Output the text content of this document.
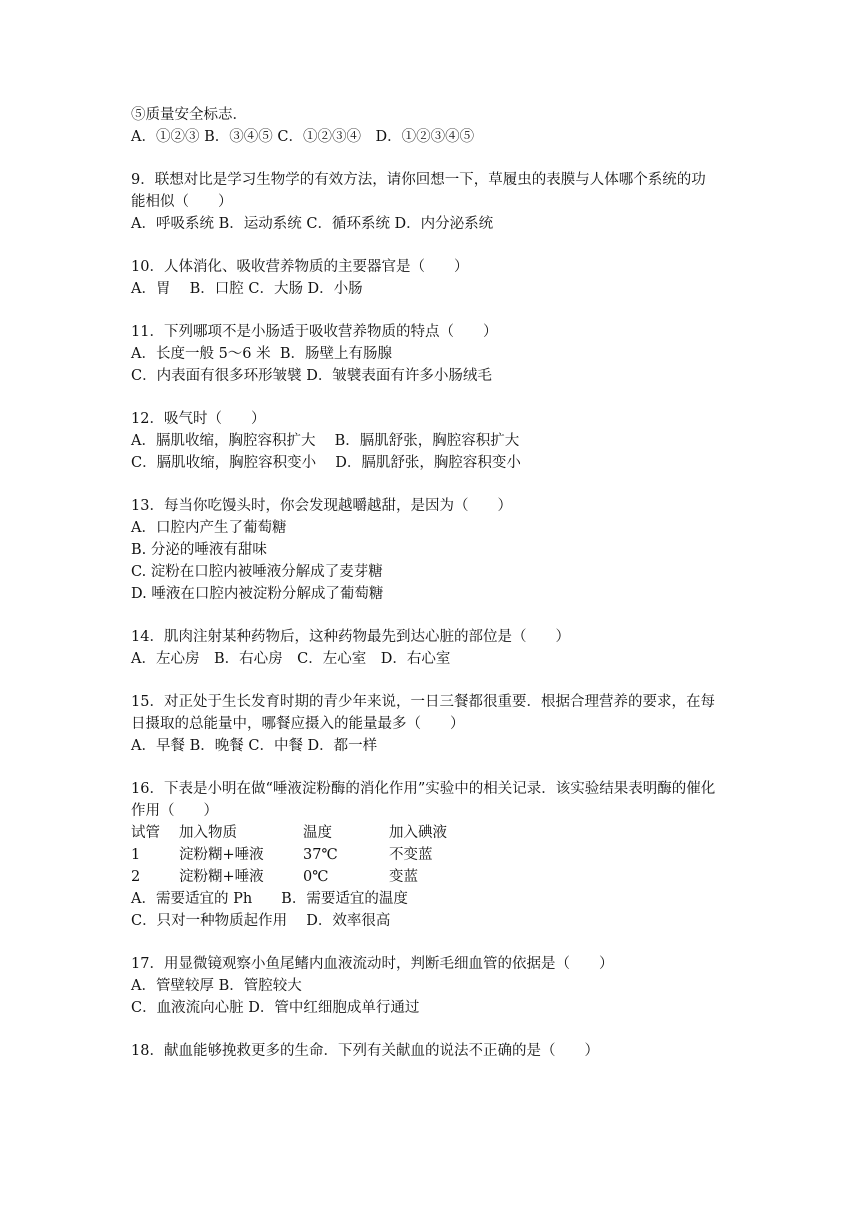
⑤质量安全标志．
A．①②③ B．③④⑤ C．①②③④　D．①②③④⑤
9．联想对比是学习生物学的有效方法，请你回想一下，草履虫的表膜与人体哪个系统的功
能相似（　　）
A．呼吸系统 B．运动系统 C．循环系统 D．内分泌系统
10．人体消化、吸收营养物质的主要器官是（　　）
A．胃　 B．口腔 C．大肠 D．小肠
11．下列哪项不是小肠适于吸收营养物质的特点（　　）
A．长度一般 5～6 米  B．肠壁上有肠腺
C．内表面有很多环形皱襞 D．皱襞表面有许多小肠绒毛
12．吸气时（　　）
A．膈肌收缩，胸腔容积扩大　 B．膈肌舒张，胸腔容积扩大
C．膈肌收缩，胸腔容积变小　 D．膈肌舒张，胸腔容积变小
13．每当你吃馒头时，你会发现越嚼越甜，是因为（　　）
A．口腔内产生了葡萄糖
B. 分泌的唾液有甜味
C. 淀粉在口腔内被唾液分解成了麦芽糖
D. 唾液在口腔内被淀粉分解成了葡萄糖
14．肌肉注射某种药物后，这种药物最先到达心脏的部位是（　　）
A．左心房　B．右心房　C．左心室　D．右心室
15．对正处于生长发育时期的青少年来说，一日三餐都很重要．根据合理营养的要求，在每
日摄取的总能量中，哪餐应摄入的能量最多（　　）
A．早餐 B．晚餐 C．中餐 D．都一样
16．下表是小明在做“唾液淀粉酶的消化作用”实验中的相关记录．该实验结果表明酶的催化
作用（　　）
试管	加入物质	温度	加入碘液
1	淀粉糊+唾液	37℃	不变蓝
2	淀粉糊+唾液	0℃	变蓝
A．需要适宜的 Ph　　B．需要适宜的温度
C．只对一种物质起作用　 D．效率很高
17．用显微镜观察小鱼尾鳍内血液流动时，判断毛细血管的依据是（　　）
A．管壁较厚 B．管腔较大
C．血液流向心脏 D．管中红细胞成单行通过
18．献血能够挽救更多的生命．下列有关献血的说法不正确的是（　　）
